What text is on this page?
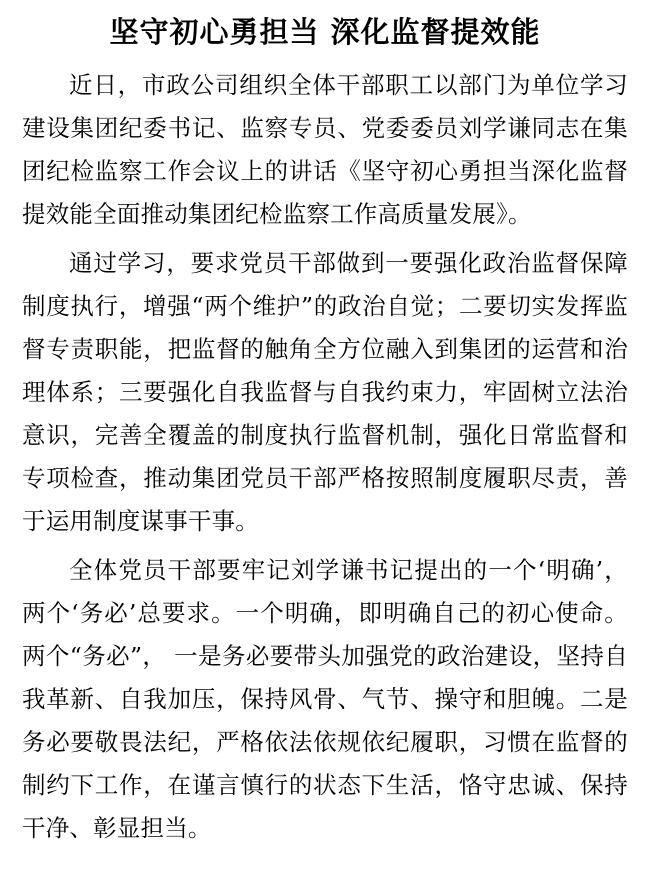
坚守初心勇担当 深化监督提效能

近日，市政公司组织全体干部职工以部门为单位学习建设集团纪委书记、监察专员、党委委员刘学谦同志在集团纪检监察工作会议上的讲话《坚守初心勇担当深化监督提效能全面推动集团纪检监察工作高质量发展》。

通过学习，要求党员干部做到一要强化政治监督保障制度执行，增强“两个维护”的政治自觉；二要切实发挥监督专责职能，把监督的触角全方位融入到集团的运营和治理体系；三要强化自我监督与自我约束力，牢固树立法治意识，完善全覆盖的制度执行监督机制，强化日常监督和专项检查，推动集团党员干部严格按照制度履职尽责，善于运用制度谋事干事。

全体党员干部要牢记刘学谦书记提出的一个‘明确’，两个‘务必’总要求。一个明确，即明确自己的初心使命。两个“务必”， 一是务必要带头加强党的政治建设，坚持自我革新、自我加压，保持风骨、气节、操守和胆魄。二是务必要敬畏法纪，严格依法依规依纪履职，习惯在监督的制约下工作，在谨言慎行的状态下生活，恪守忠诚、保持干净、彰显担当。
